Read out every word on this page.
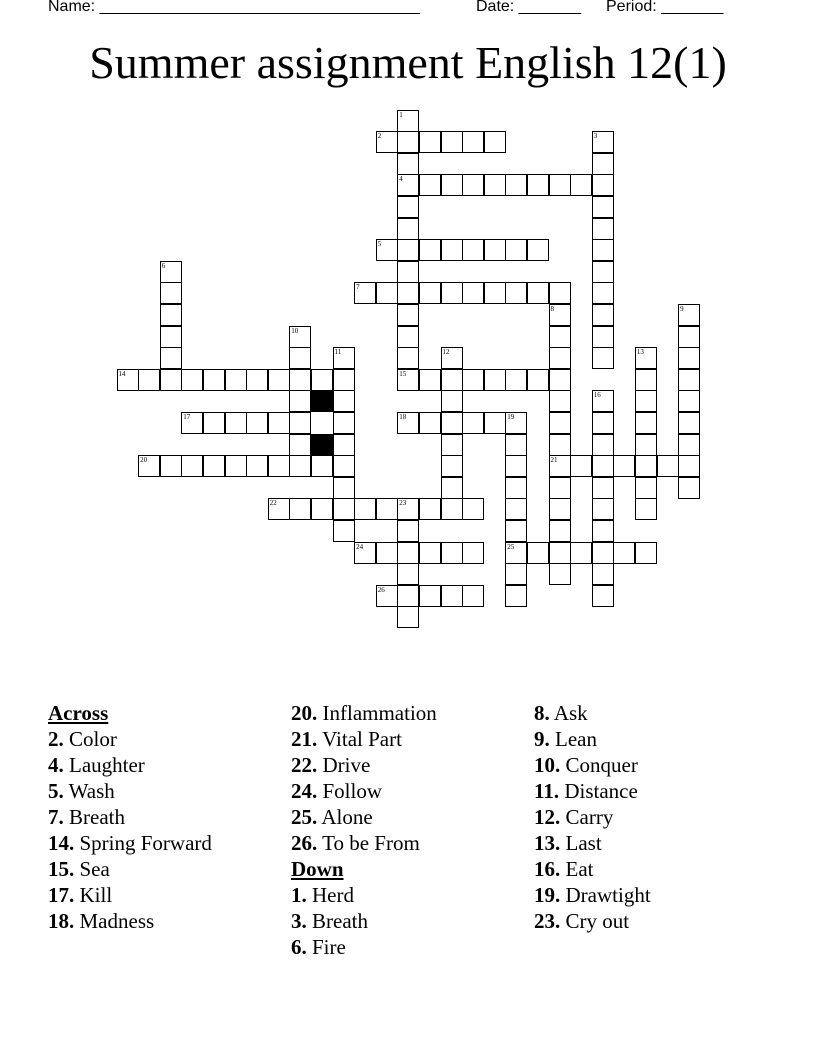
Name: ____________________________________	Date: _______ Period: _______
Summer assignment English 12(1)
1
2	3
4
5
6
7
8	9
10
11	12	13
14	15
16
17	18	19
20	21
22	23
24	25
26
Across
2. Color
4. Laughter
5. Wash
7. Breath
14. Spring Forward
15. Sea
17. Kill
18. Madness
20. Inflammation
21. Vital Part
22. Drive
24. Follow
25. Alone
26. To be From
Down
1. Herd
3. Breath
6. Fire
8. Ask
9. Lean
10. Conquer
11. Distance
12. Carry
13. Last
16. Eat
19. Drawtight
23. Cry out
